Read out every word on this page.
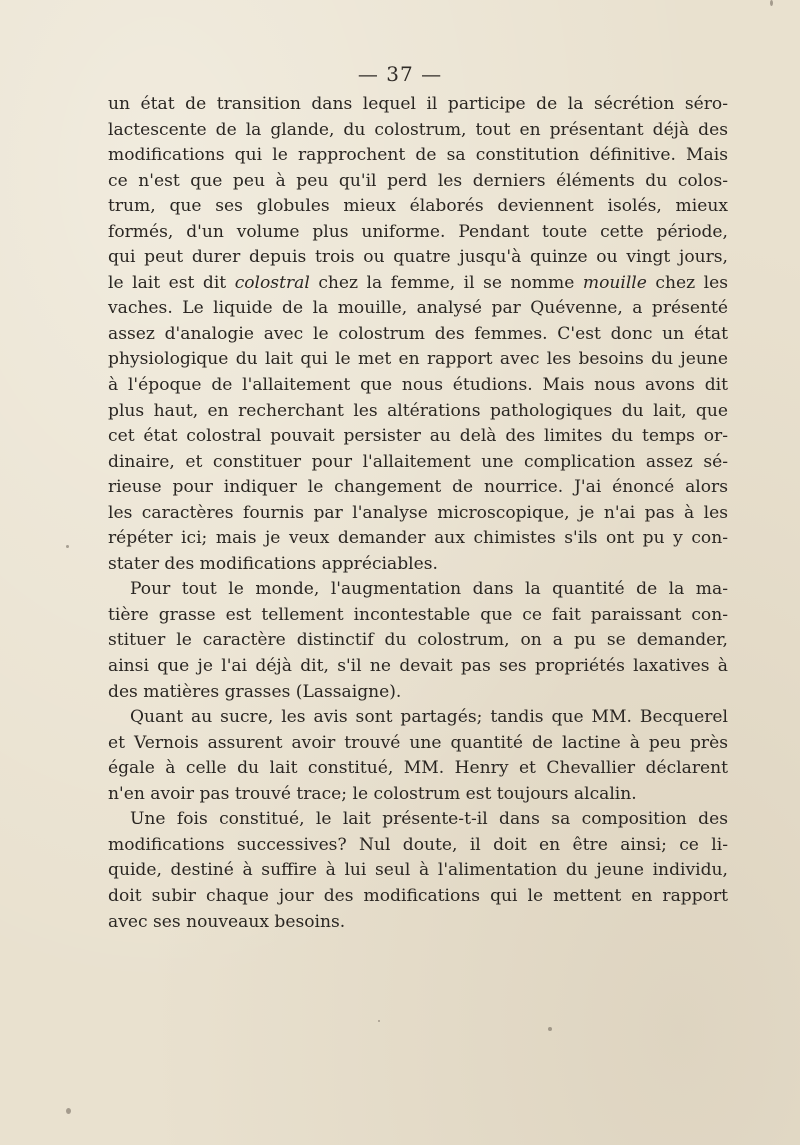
— 37 —
un état de transition dans lequel il participe de la sécrétion séro-
lactescente de la glande, du colostrum, tout en présentant déjà des
modifications qui le rapprochent de sa constitution définitive. Mais
ce n'est que peu à peu qu'il perd les derniers éléments du colos-
trum, que ses globules mieux élaborés deviennent isolés, mieux
formés, d'un volume plus uniforme. Pendant toute cette période,
qui peut durer depuis trois ou quatre jusqu'à quinze ou vingt jours,
le lait est dit colostral chez la femme, il se nomme mouille chez les
vaches. Le liquide de la mouille, analysé par Quévenne, a présenté
assez d'analogie avec le colostrum des femmes. C'est donc un état
physiologique du lait qui le met en rapport avec les besoins du jeune
à l'époque de l'allaitement que nous étudions. Mais nous avons dit
plus haut, en recherchant les altérations pathologiques du lait, que
cet état colostral pouvait persister au delà des limites du temps or-
dinaire, et constituer pour l'allaitement une complication assez sé-
rieuse pour indiquer le changement de nourrice. J'ai énoncé alors
les caractères fournis par l'analyse microscopique, je n'ai pas à les
répéter ici; mais je veux demander aux chimistes s'ils ont pu y con-
stater des modifications appréciables.
Pour tout le monde, l'augmentation dans la quantité de la ma-
tière grasse est tellement incontestable que ce fait paraissant con-
stituer le caractère distinctif du colostrum, on a pu se demander,
ainsi que je l'ai déjà dit, s'il ne devait pas ses propriétés laxatives à
des matières grasses (Lassaigne).
Quant au sucre, les avis sont partagés; tandis que MM. Becquerel
et Vernois assurent avoir trouvé une quantité de lactine à peu près
égale à celle du lait constitué, MM. Henry et Chevallier déclarent
n'en avoir pas trouvé trace; le colostrum est toujours alcalin.
Une fois constitué, le lait présente-t-il dans sa composition des
modifications successives? Nul doute, il doit en être ainsi; ce li-
quide, destiné à suffire à lui seul à l'alimentation du jeune individu,
doit subir chaque jour des modifications qui le mettent en rapport
avec ses nouveaux besoins.
